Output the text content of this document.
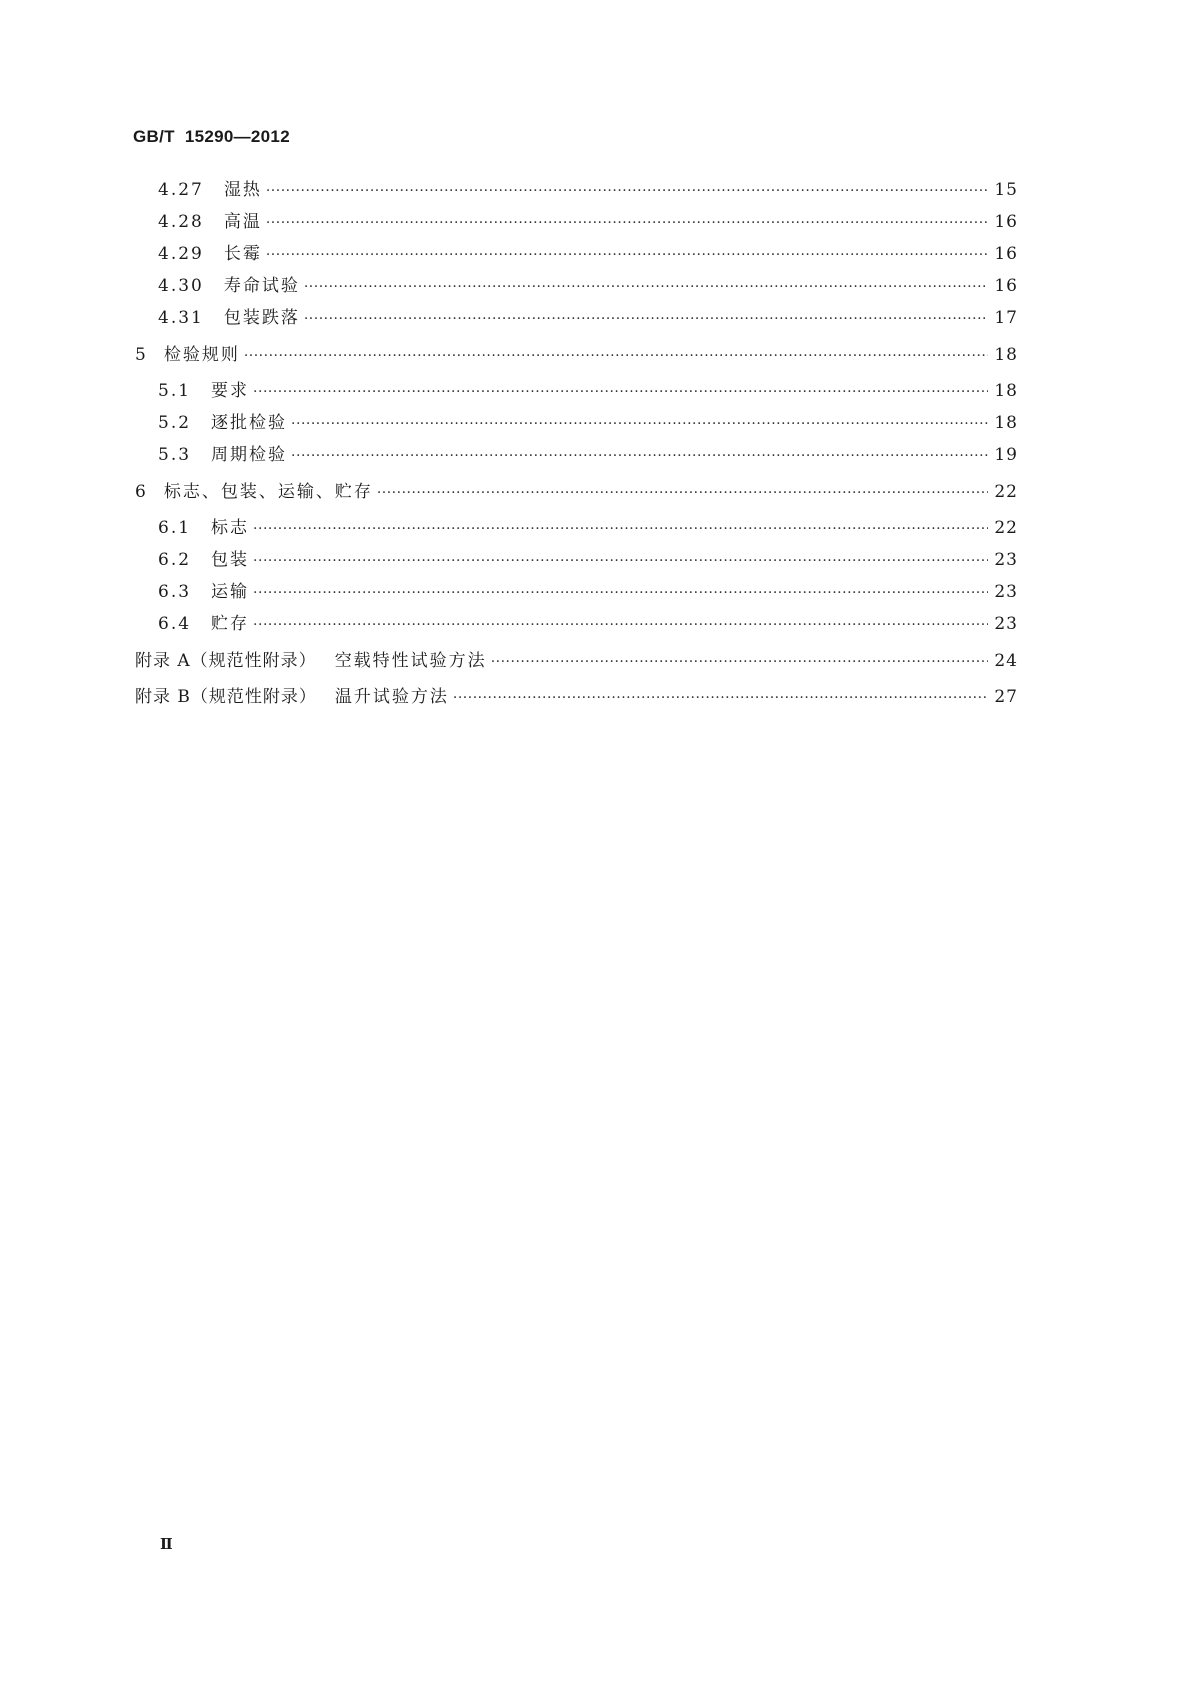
GB/T  15290—2012
4.27 湿热 ·····	15
4.28 高温 ·····	16
4.29 长霉 ·····	16
4.30 寿命试验 ·····	16
4.31 包装跌落 ·····	17
5 检验规则 ·····	18
5.1 要求 ·····	18
5.2 逐批检验 ·····	18
5.3 周期检验 ·····	19
6 标志、包装、运输、贮存 ·····	22
6.1 标志 ·····	22
6.2 包装 ·····	23
6.3 运输 ·····	23
6.4 贮存 ·····	23
附录 A（规范性附录） 空载特性试验方法 ·····	24
附录 B（规范性附录） 温升试验方法 ·····	27
Ⅱ
